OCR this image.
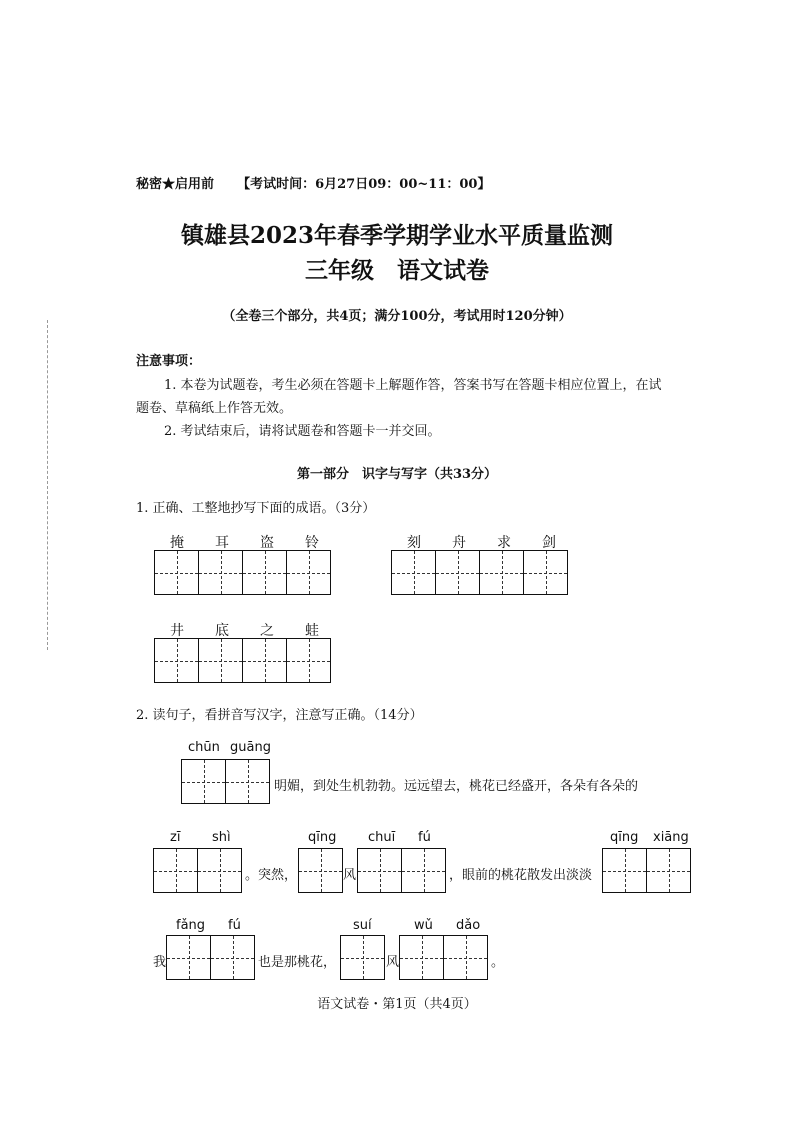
秘密★启用前 【考试时间：6月27日09：00~11：00】
镇雄县2023年春季学期学业水平质量监测
三年级　语文试卷
（全卷三个部分，共4页；满分100分，考试用时120分钟）
注意事项：
1. 本卷为试题卷，考生必须在答题卡上解题作答，答案书写在答题卡相应位置上，在试
题卷、草稿纸上作答无效。
2. 考试结束后，请将试题卷和答题卡一并交回。
第一部分　识字与写字（共33分）
1. 正确、工整地抄写下面的成语。（3分）
掩	耳	盗	铃	刻	舟	求	剑
井	底	之	蛙
2. 读句子，看拼音写汉字，注意写正确。（14分）
chūn guāng
明媚，到处生机勃勃。远远望去，桃花已经盛开，各朵有各朵的
zī shì
。突然，
qīng
风
chuī fú
，眼前的桃花散发出淡淡
qīng xiāng
我
fǎng fú
也是那桃花，
suí
风
wǔ dǎo
。
语文试卷・第1页（共4页）
